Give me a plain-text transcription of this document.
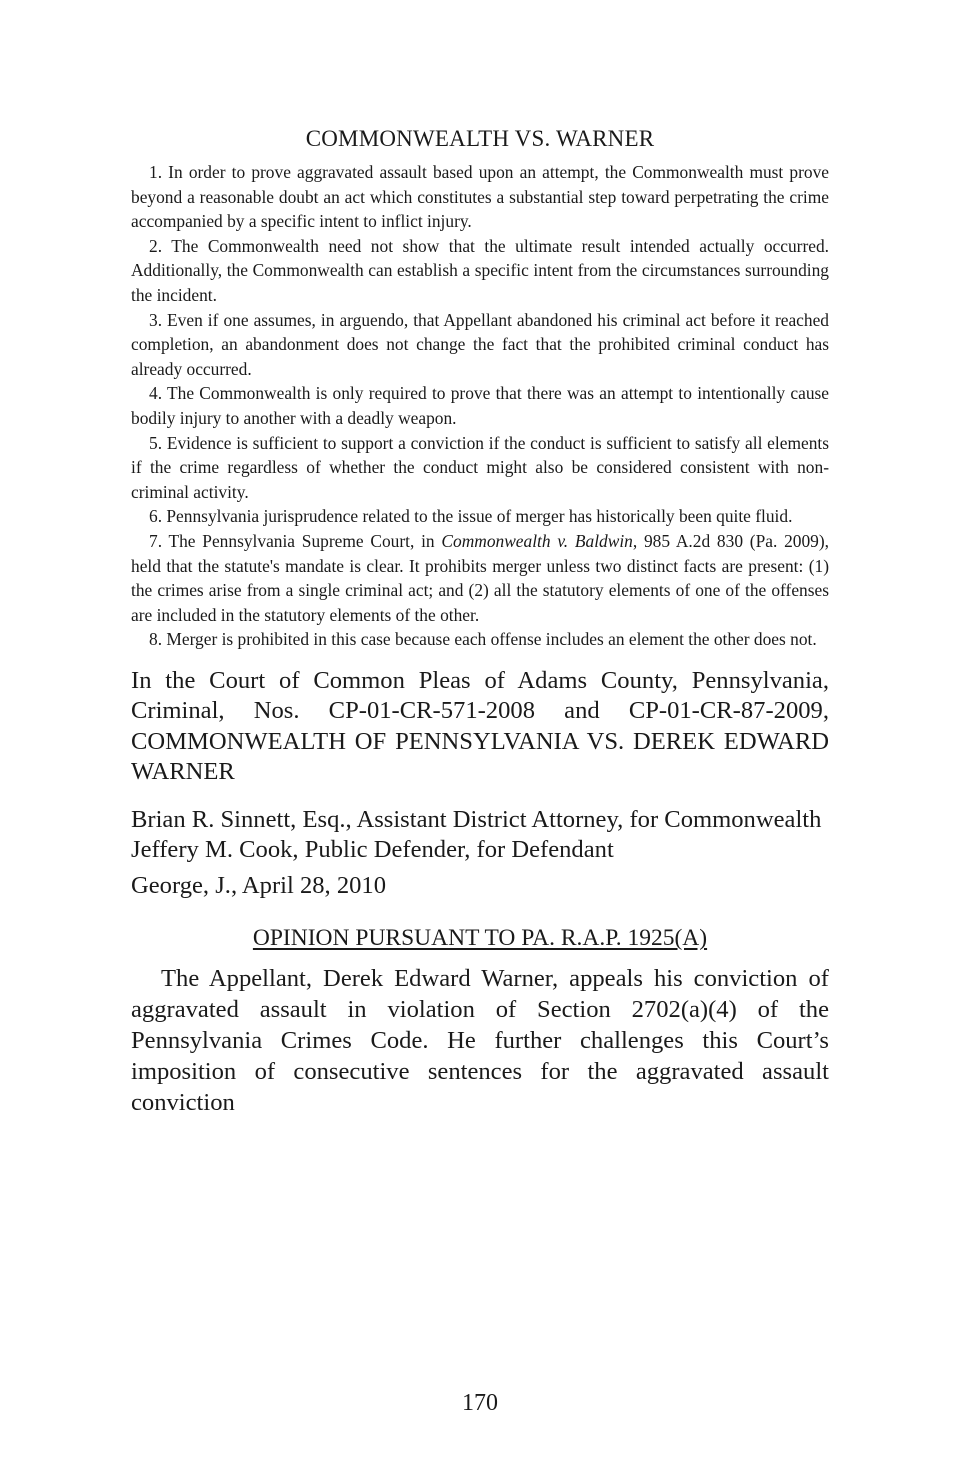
COMMONWEALTH VS. WARNER

1. In order to prove aggravated assault based upon an attempt, the Commonwealth must prove beyond a reasonable doubt an act which constitutes a substantial step toward perpetrating the crime accompanied by a specific intent to inflict injury.

2. The Commonwealth need not show that the ultimate result intended actually occurred. Additionally, the Commonwealth can establish a specific intent from the circumstances surrounding the incident.

3. Even if one assumes, in arguendo, that Appellant abandoned his criminal act before it reached completion, an abandonment does not change the fact that the prohibited criminal conduct has already occurred.

4. The Commonwealth is only required to prove that there was an attempt to intentionally cause bodily injury to another with a deadly weapon.

5. Evidence is sufficient to support a conviction if the conduct is sufficient to satisfy all elements if the crime regardless of whether the conduct might also be considered consistent with non-criminal activity.

6. Pennsylvania jurisprudence related to the issue of merger has historically been quite fluid.

7. The Pennsylvania Supreme Court, in Commonwealth v. Baldwin, 985 A.2d 830 (Pa. 2009), held that the statute's mandate is clear. It prohibits merger unless two distinct facts are present: (1) the crimes arise from a single criminal act; and (2) all the statutory elements of one of the offenses are included in the statutory elements of the other.

8. Merger is prohibited in this case because each offense includes an element the other does not.

In the Court of Common Pleas of Adams County, Pennsylvania, Criminal, Nos. CP-01-CR-571-2008 and CP-01-CR-87-2009, COMMONWEALTH OF PENNSYLVANIA VS. DEREK EDWARD WARNER

Brian R. Sinnett, Esq., Assistant District Attorney, for Commonwealth
Jeffery M. Cook, Public Defender, for Defendant
George, J., April 28, 2010
OPINION PURSUANT TO PA. R.A.P. 1925(A)

The Appellant, Derek Edward Warner, appeals his conviction of aggravated assault in violation of Section 2702(a)(4) of the Pennsylvania Crimes Code. He further challenges this Court’s imposition of consecutive sentences for the aggravated assault conviction

170
